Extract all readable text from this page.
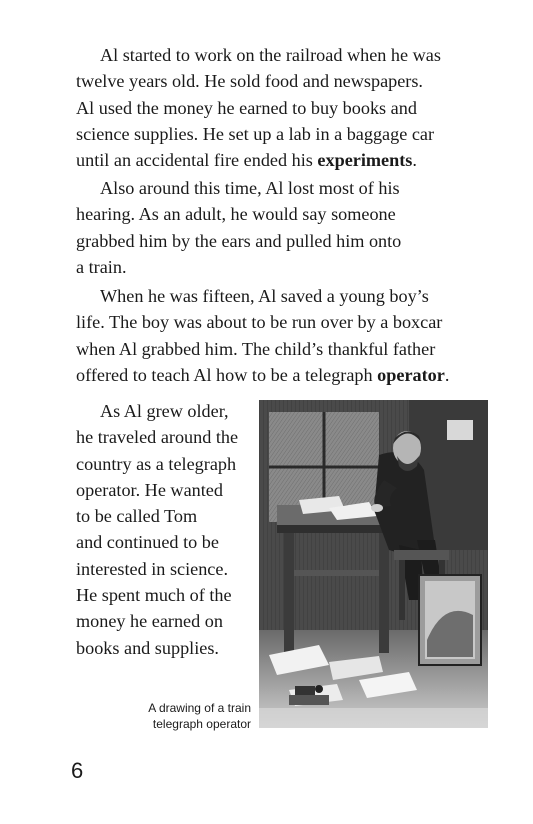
Al started to work on the railroad when he was
twelve years old. He sold food and newspapers.
Al used the money he earned to buy books and
science supplies. He set up a lab in a baggage car
until an accidental fire ended his experiments.

Also around this time, Al lost most of his
hearing. As an adult, he would say someone
grabbed him by the ears and pulled him onto
a train.

When he was fifteen, Al saved a young boy’s
life. The boy was about to be run over by a boxcar
when Al grabbed him. The child’s thankful father
offered to teach Al how to be a telegraph operator.

As Al grew older,
he traveled around the
country as a telegraph
operator. He wanted
to be called Tom
and continued to be
interested in science.
He spent much of the
money he earned on
books and supplies.

A drawing of a train
telegraph operator
6
